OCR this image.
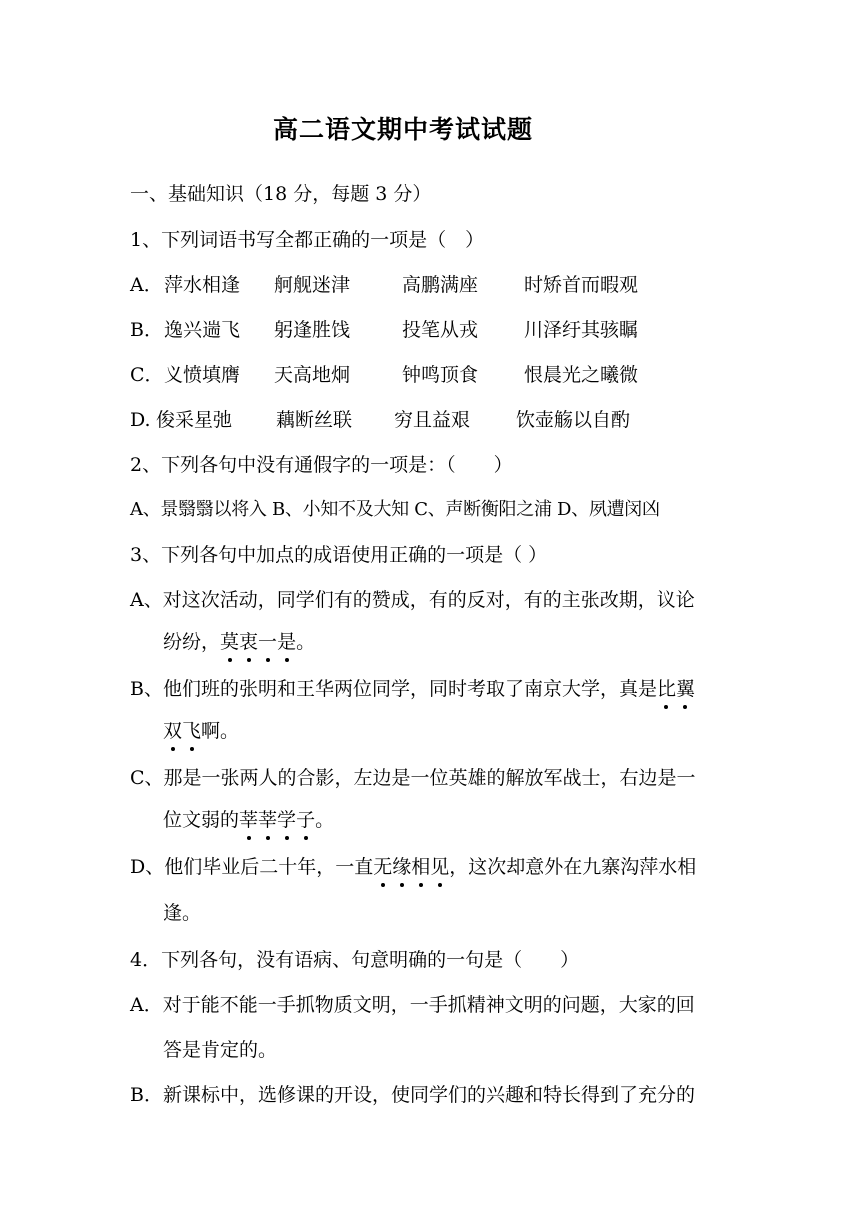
高二语文期中考试试题
一、基础知识（18 分，每题 3 分）
1、下列词语书写全都正确的一项是（　）
A．萍水相逢 舸舰迷津	高鹏满座 时矫首而暇观
B．逸兴遄飞 躬逢胜饯	投笔从戎 川泽纡其骇瞩
C．义愤填膺 天高地炯	钟鸣顶食 恨晨光之曦微
D. 俊采星弛 藕断丝联 穷且益艰 饮壶觞以自酌
2、下列各句中没有通假字的一项是：（　　）
A、景翳翳以将入 B、小知不及大知 C、声断衡阳之浦 D、夙遭闵凶
3、下列各句中加点的成语使用正确的一项是（ ）
A、对这次活动，同学们有的赞成，有的反对，有的主张改期，议论
纷纷，莫衷一是。
B、他们班的张明和王华两位同学，同时考取了南京大学，真是比翼
双飞啊。
C、那是一张两人的合影，左边是一位英雄的解放军战士，右边是一
位文弱的莘莘学子。
D、他们毕业后二十年，一直无缘相见，这次却意外在九寨沟萍水相
逢。
4．下列各句，没有语病、句意明确的一句是（　　）
A．对于能不能一手抓物质文明，一手抓精神文明的问题，大家的回
答是肯定的。
B．新课标中，选修课的开设，使同学们的兴趣和特长得到了充分的
